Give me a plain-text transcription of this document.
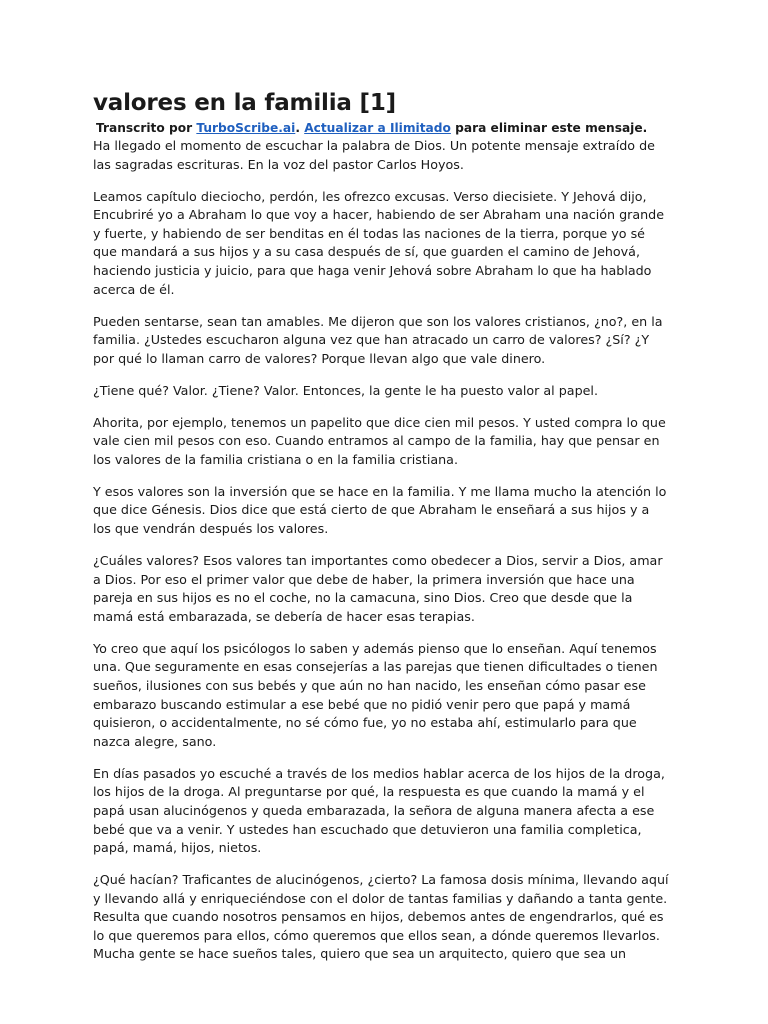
valores en la familia [1]

Transcrito por TurboScribe.ai. Actualizar a Ilimitado para eliminar este mensaje.

Ha llegado el momento de escuchar la palabra de Dios. Un potente mensaje extraído de las sagradas escrituras. En la voz del pastor Carlos Hoyos.

Leamos capítulo dieciocho, perdón, les ofrezco excusas. Verso diecisiete. Y Jehová dijo, Encubriré yo a Abraham lo que voy a hacer, habiendo de ser Abraham una nación grande y fuerte, y habiendo de ser benditas en él todas las naciones de la tierra, porque yo sé que mandará a sus hijos y a su casa después de sí, que guarden el camino de Jehová, haciendo justicia y juicio, para que haga venir Jehová sobre Abraham lo que ha hablado acerca de él.

Pueden sentarse, sean tan amables. Me dijeron que son los valores cristianos, ¿no?, en la familia. ¿Ustedes escucharon alguna vez que han atracado un carro de valores? ¿Sí? ¿Y por qué lo llaman carro de valores? Porque llevan algo que vale dinero.

¿Tiene qué? Valor. ¿Tiene? Valor. Entonces, la gente le ha puesto valor al papel.

Ahorita, por ejemplo, tenemos un papelito que dice cien mil pesos. Y usted compra lo que vale cien mil pesos con eso. Cuando entramos al campo de la familia, hay que pensar en los valores de la familia cristiana o en la familia cristiana.

Y esos valores son la inversión que se hace en la familia. Y me llama mucho la atención lo que dice Génesis. Dios dice que está cierto de que Abraham le enseñará a sus hijos y a los que vendrán después los valores.

¿Cuáles valores? Esos valores tan importantes como obedecer a Dios, servir a Dios, amar a Dios. Por eso el primer valor que debe de haber, la primera inversión que hace una pareja en sus hijos es no el coche, no la camacuna, sino Dios. Creo que desde que la mamá está embarazada, se debería de hacer esas terapias.

Yo creo que aquí los psicólogos lo saben y además pienso que lo enseñan. Aquí tenemos una. Que seguramente en esas consejerías a las parejas que tienen dificultades o tienen sueños, ilusiones con sus bebés y que aún no han nacido, les enseñan cómo pasar ese embarazo buscando estimular a ese bebé que no pidió venir pero que papá y mamá quisieron, o accidentalmente, no sé cómo fue, yo no estaba ahí, estimularlo para que nazca alegre, sano.

En días pasados yo escuché a través de los medios hablar acerca de los hijos de la droga, los hijos de la droga. Al preguntarse por qué, la respuesta es que cuando la mamá y el papá usan alucinógenos y queda embarazada, la señora de alguna manera afecta a ese bebé que va a venir. Y ustedes han escuchado que detuvieron una familia completica, papá, mamá, hijos, nietos.

¿Qué hacían? Traficantes de alucinógenos, ¿cierto? La famosa dosis mínima, llevando aquí y llevando allá y enriqueciéndose con el dolor de tantas familias y dañando a tanta gente. Resulta que cuando nosotros pensamos en hijos, debemos antes de engendrarlos, qué es lo que queremos para ellos, cómo queremos que ellos sean, a dónde queremos llevarlos. Mucha gente se hace sueños tales, quiero que sea un arquitecto, quiero que sea un
